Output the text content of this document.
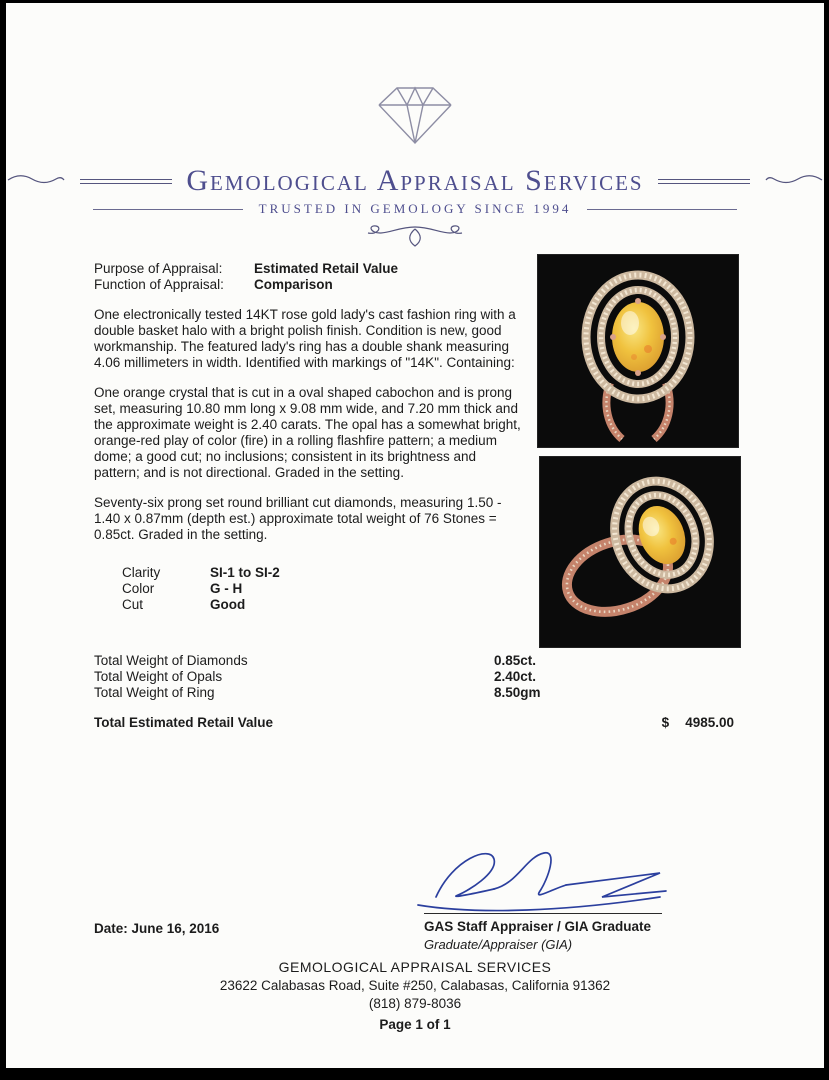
Gemological Appraisal Services
TRUSTED IN GEMOLOGY SINCE 1994
Purpose of Appraisal:	Estimated Retail Value
Function of Appraisal:	Comparison

One electronically tested 14KT rose gold lady's cast fashion ring with a double basket halo with a bright polish finish. Condition is new, good workmanship. The featured lady's ring has a double shank measuring 4.06 millimeters in width. Identified with markings of "14K". Containing:

One orange crystal that is cut in a oval shaped cabochon and is prong set, measuring 10.80 mm long x 9.08 mm wide, and 7.20 mm thick and the approximate weight is 2.40 carats. The opal has a somewhat bright, orange-red play of color (fire) in a rolling flashfire pattern; a medium dome; a good cut; no inclusions; consistent in its brightness and pattern; and is not directional. Graded in the setting.

Seventy-six prong set round brilliant cut diamonds, measuring 1.50 - 1.40 x 0.87mm (depth est.) approximate total weight of 76 Stones = 0.85ct. Graded in the setting.

Clarity	SI-1 to SI-2
Color	G - H
Cut	Good
Total Weight of Diamonds	0.85ct.
Total Weight of Opals	2.40ct.
Total Weight of Ring	8.50gm
Total Estimated Retail Value	$ 4985.00
GAS Staff Appraiser / GIA Graduate
Graduate/Appraiser (GIA)
Date: June 16, 2016
GEMOLOGICAL APPRAISAL SERVICES
23622 Calabasas Road, Suite #250, Calabasas, California 91362
(818) 879-8036
Page 1 of 1
